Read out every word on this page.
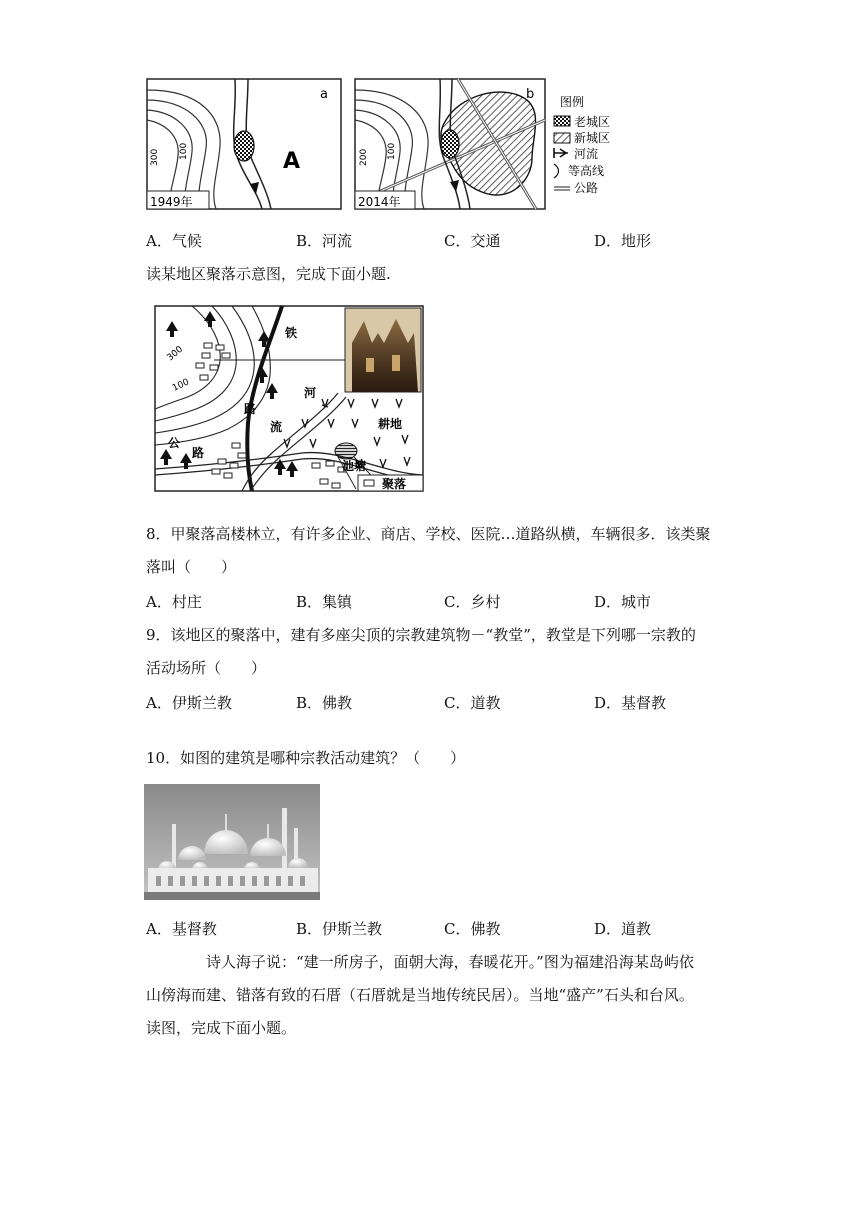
a
A
1949年
300 100
b
2014年
200 100
图例
老城区
新城区
河流
等高线
公路
A．气候	B．河流	C．交通	D．地形
读某地区聚落示意图，完成下面小题.
铁
路
河
流	耕地
池塘
公
路
聚落
300
100
8．甲聚落高楼林立，有许多企业、商店、学校、医院…道路纵横，车辆很多．该类聚
落叫（　　）
A．村庄	B．集镇	C．乡村	D．城市
9．该地区的聚落中，建有多座尖顶的宗教建筑物－“教堂”，教堂是下列哪一宗教的
活动场所（　　）
A．伊斯兰教	B．佛教	C．道教	D．基督教
10．如图的建筑是哪种宗教活动建筑？（　　）
A．基督教	B．伊斯兰教	C．佛教	D．道教
诗人海子说：“建一所房子，面朝大海，春暖花开。”图为福建沿海某岛屿依
山傍海而建、错落有致的石厝（石厝就是当地传统民居）。当地“盛产”石头和台风。
读图，完成下面小题。
